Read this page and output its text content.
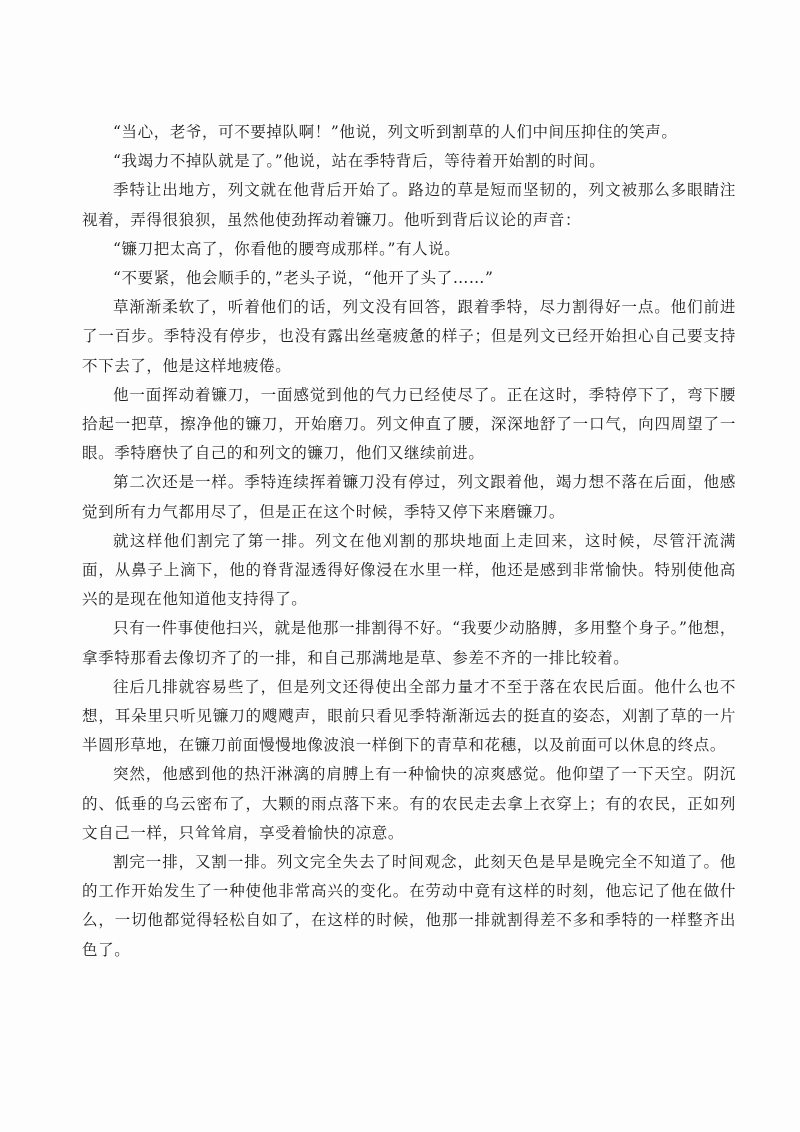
“当心，老爷，可不要掉队啊！”他说，列文听到割草的人们中间压抑住的笑声。

“我竭力不掉队就是了。”他说，站在季特背后，等待着开始割的时间。

季特让出地方，列文就在他背后开始了。路边的草是短而坚韧的，列文被那么多眼睛注视着，弄得很狼狈，虽然他使劲挥动着镰刀。他听到背后议论的声音：

“镰刀把太高了，你看他的腰弯成那样。”有人说。

“不要紧，他会顺手的，”老头子说，“他开了头了……”

草渐渐柔软了，听着他们的话，列文没有回答，跟着季特，尽力割得好一点。他们前进了一百步。季特没有停步，也没有露出丝毫疲惫的样子；但是列文已经开始担心自己要支持不下去了，他是这样地疲倦。

他一面挥动着镰刀，一面感觉到他的气力已经使尽了。正在这时，季特停下了，弯下腰拾起一把草，擦净他的镰刀，开始磨刀。列文伸直了腰，深深地舒了一口气，向四周望了一眼。季特磨快了自己的和列文的镰刀，他们又继续前进。

第二次还是一样。季特连续挥着镰刀没有停过，列文跟着他，竭力想不落在后面，他感觉到所有力气都用尽了，但是正在这个时候，季特又停下来磨镰刀。

就这样他们割完了第一排。列文在他刈割的那块地面上走回来，这时候，尽管汗流满面，从鼻子上滴下，他的脊背湿透得好像浸在水里一样，他还是感到非常愉快。特别使他高兴的是现在他知道他支持得了。

只有一件事使他扫兴，就是他那一排割得不好。“我要少动胳膊，多用整个身子。”他想，拿季特那看去像切齐了的一排，和自己那满地是草、参差不齐的一排比较着。

往后几排就容易些了，但是列文还得使出全部力量才不至于落在农民后面。他什么也不想，耳朵里只听见镰刀的飕飕声，眼前只看见季特渐渐远去的挺直的姿态，刈割了草的一片半圆形草地，在镰刀前面慢慢地像波浪一样倒下的青草和花穗，以及前面可以休息的终点。

突然，他感到他的热汗淋漓的肩膊上有一种愉快的凉爽感觉。他仰望了一下天空。阴沉的、低垂的乌云密布了，大颗的雨点落下来。有的农民走去拿上衣穿上；有的农民，正如列文自己一样，只耸耸肩，享受着愉快的凉意。

割完一排，又割一排。列文完全失去了时间观念，此刻天色是早是晚完全不知道了。他的工作开始发生了一种使他非常高兴的变化。在劳动中竟有这样的时刻，他忘记了他在做什么，一切他都觉得轻松自如了，在这样的时候，他那一排就割得差不多和季特的一样整齐出色了。
